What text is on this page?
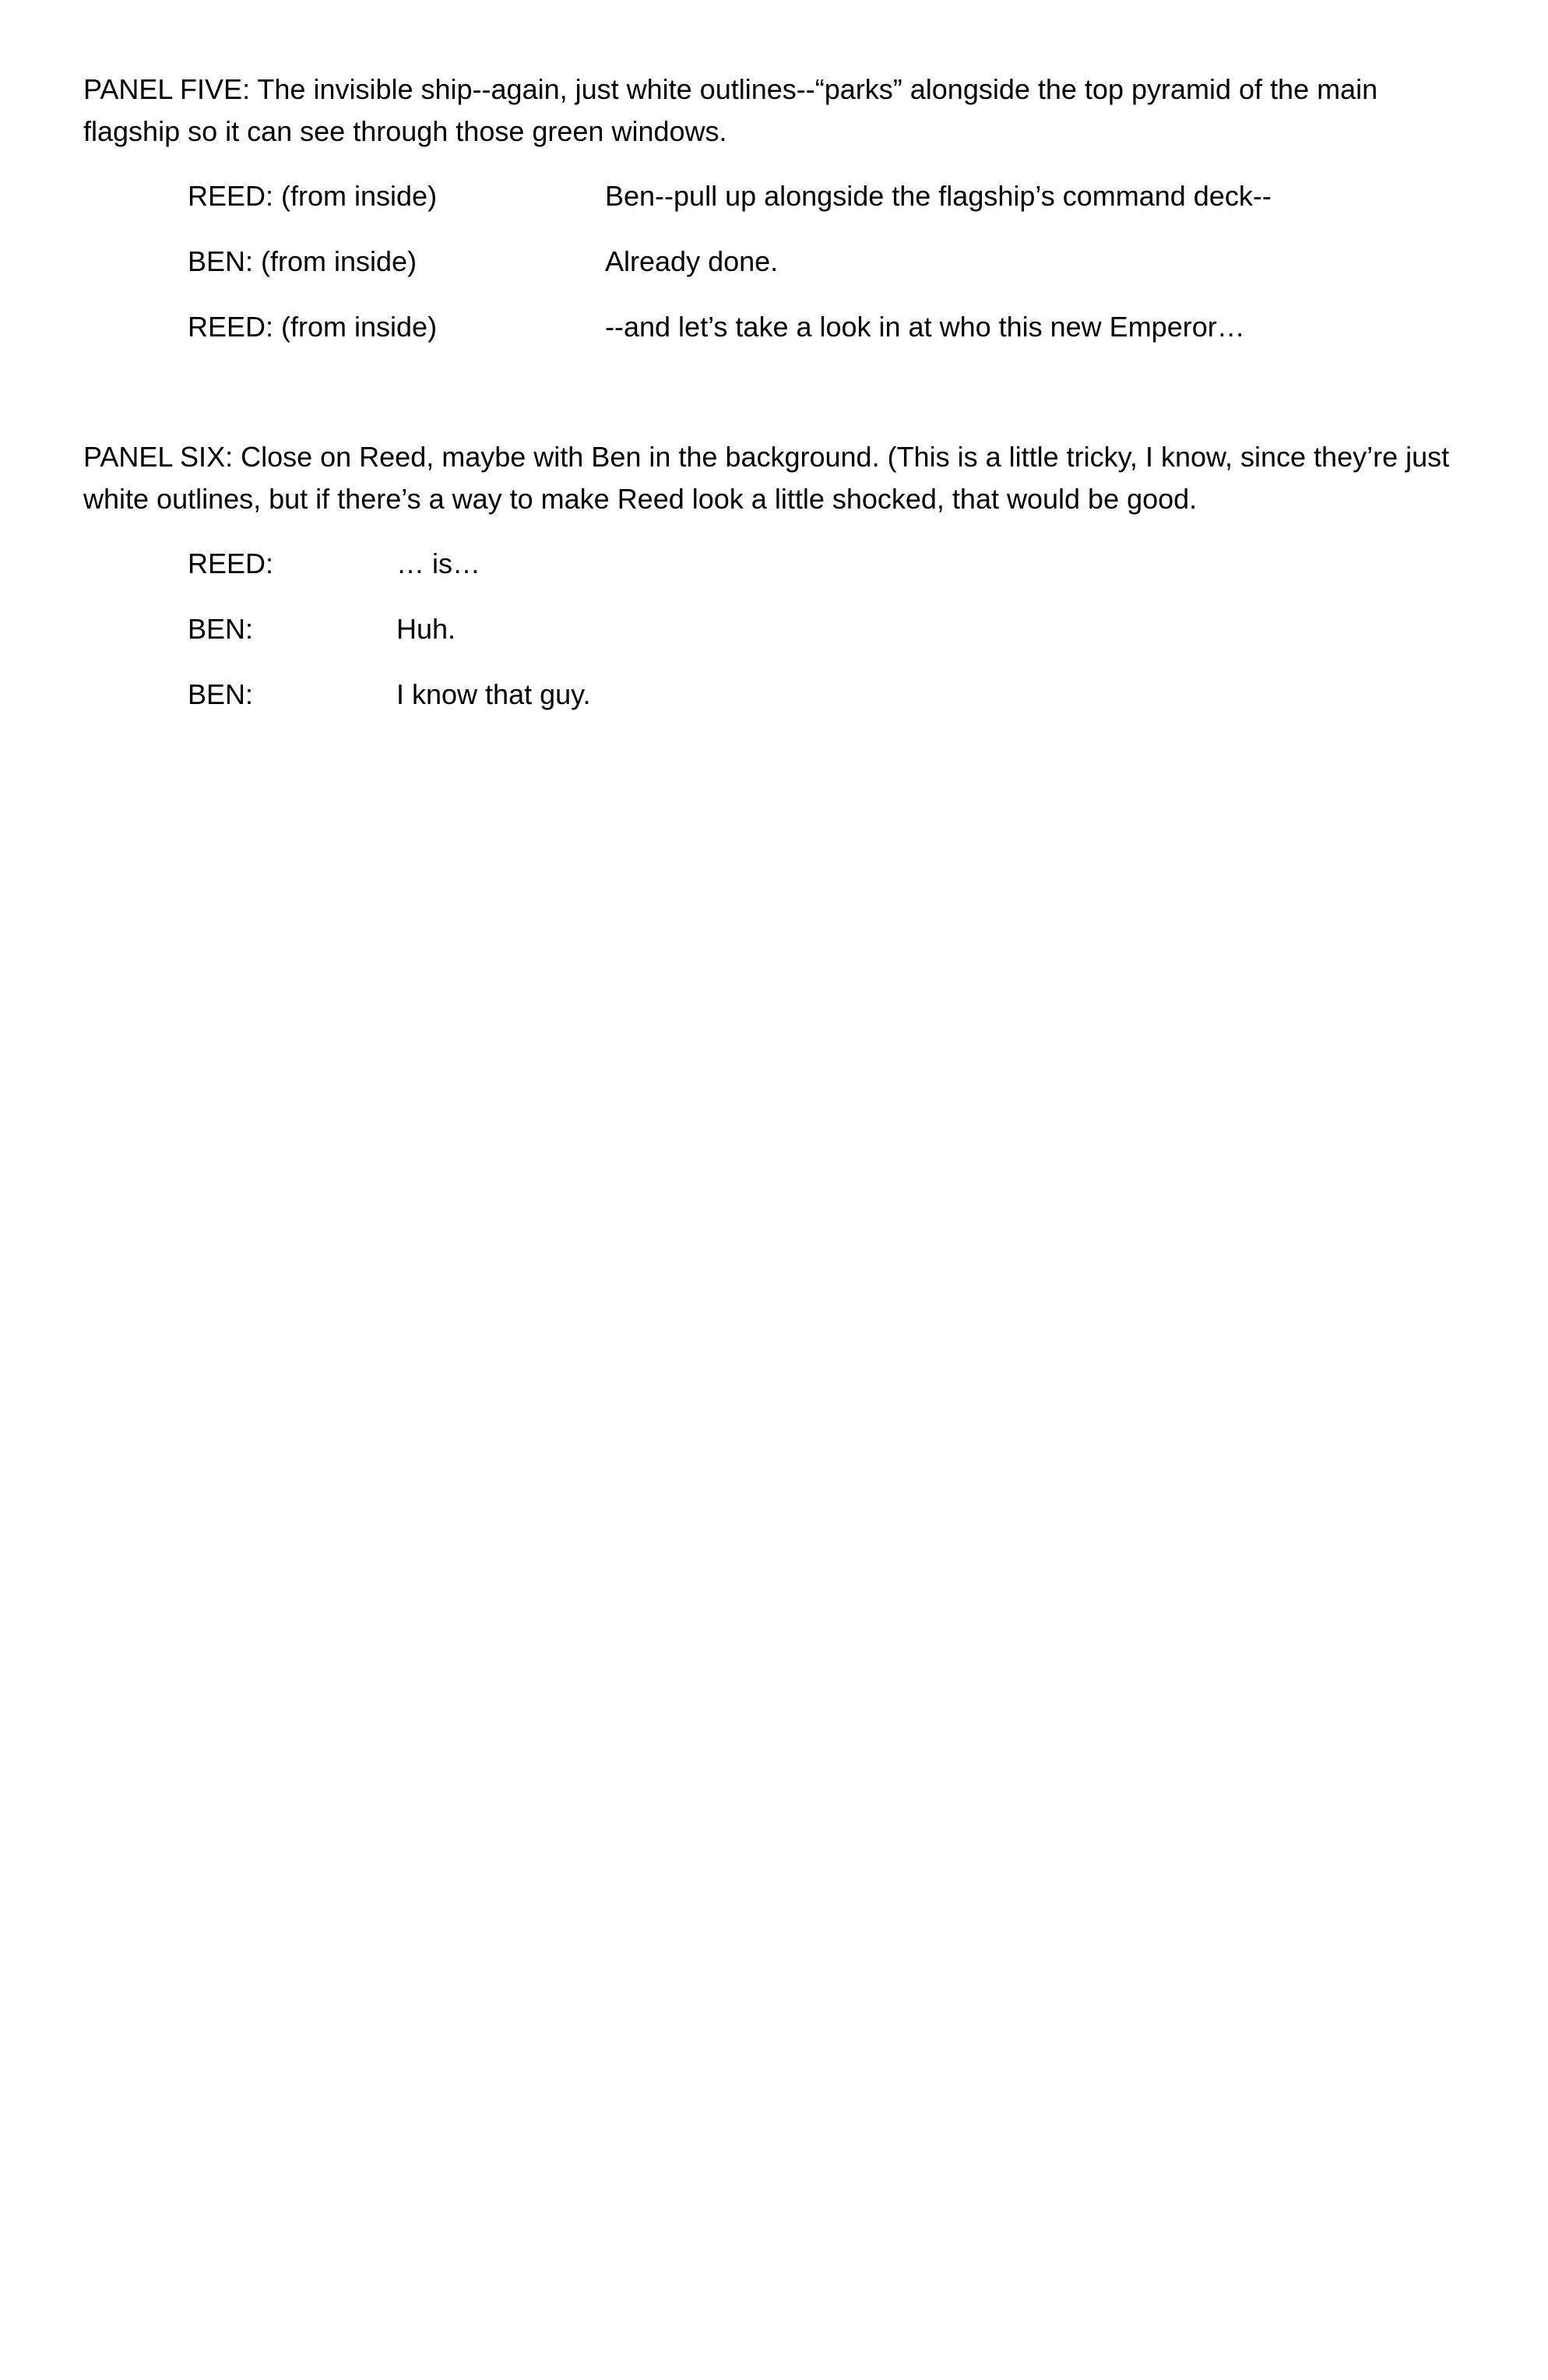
PANEL FIVE: The invisible ship--again, just white outlines--“parks” alongside the top pyramid of the main flagship so it can see through those green windows.

REED: (from inside)	Ben--pull up alongside the flagship’s command deck--
BEN: (from inside)	Already done.
REED: (from inside)	--and let’s take a look in at who this new Emperor…

PANEL SIX: Close on Reed, maybe with Ben in the background. (This is a little tricky, I know, since they’re just white outlines, but if there’s a way to make Reed look a little shocked, that would be good.

REED:	… is…
BEN:	Huh.
BEN:	I know that guy.
